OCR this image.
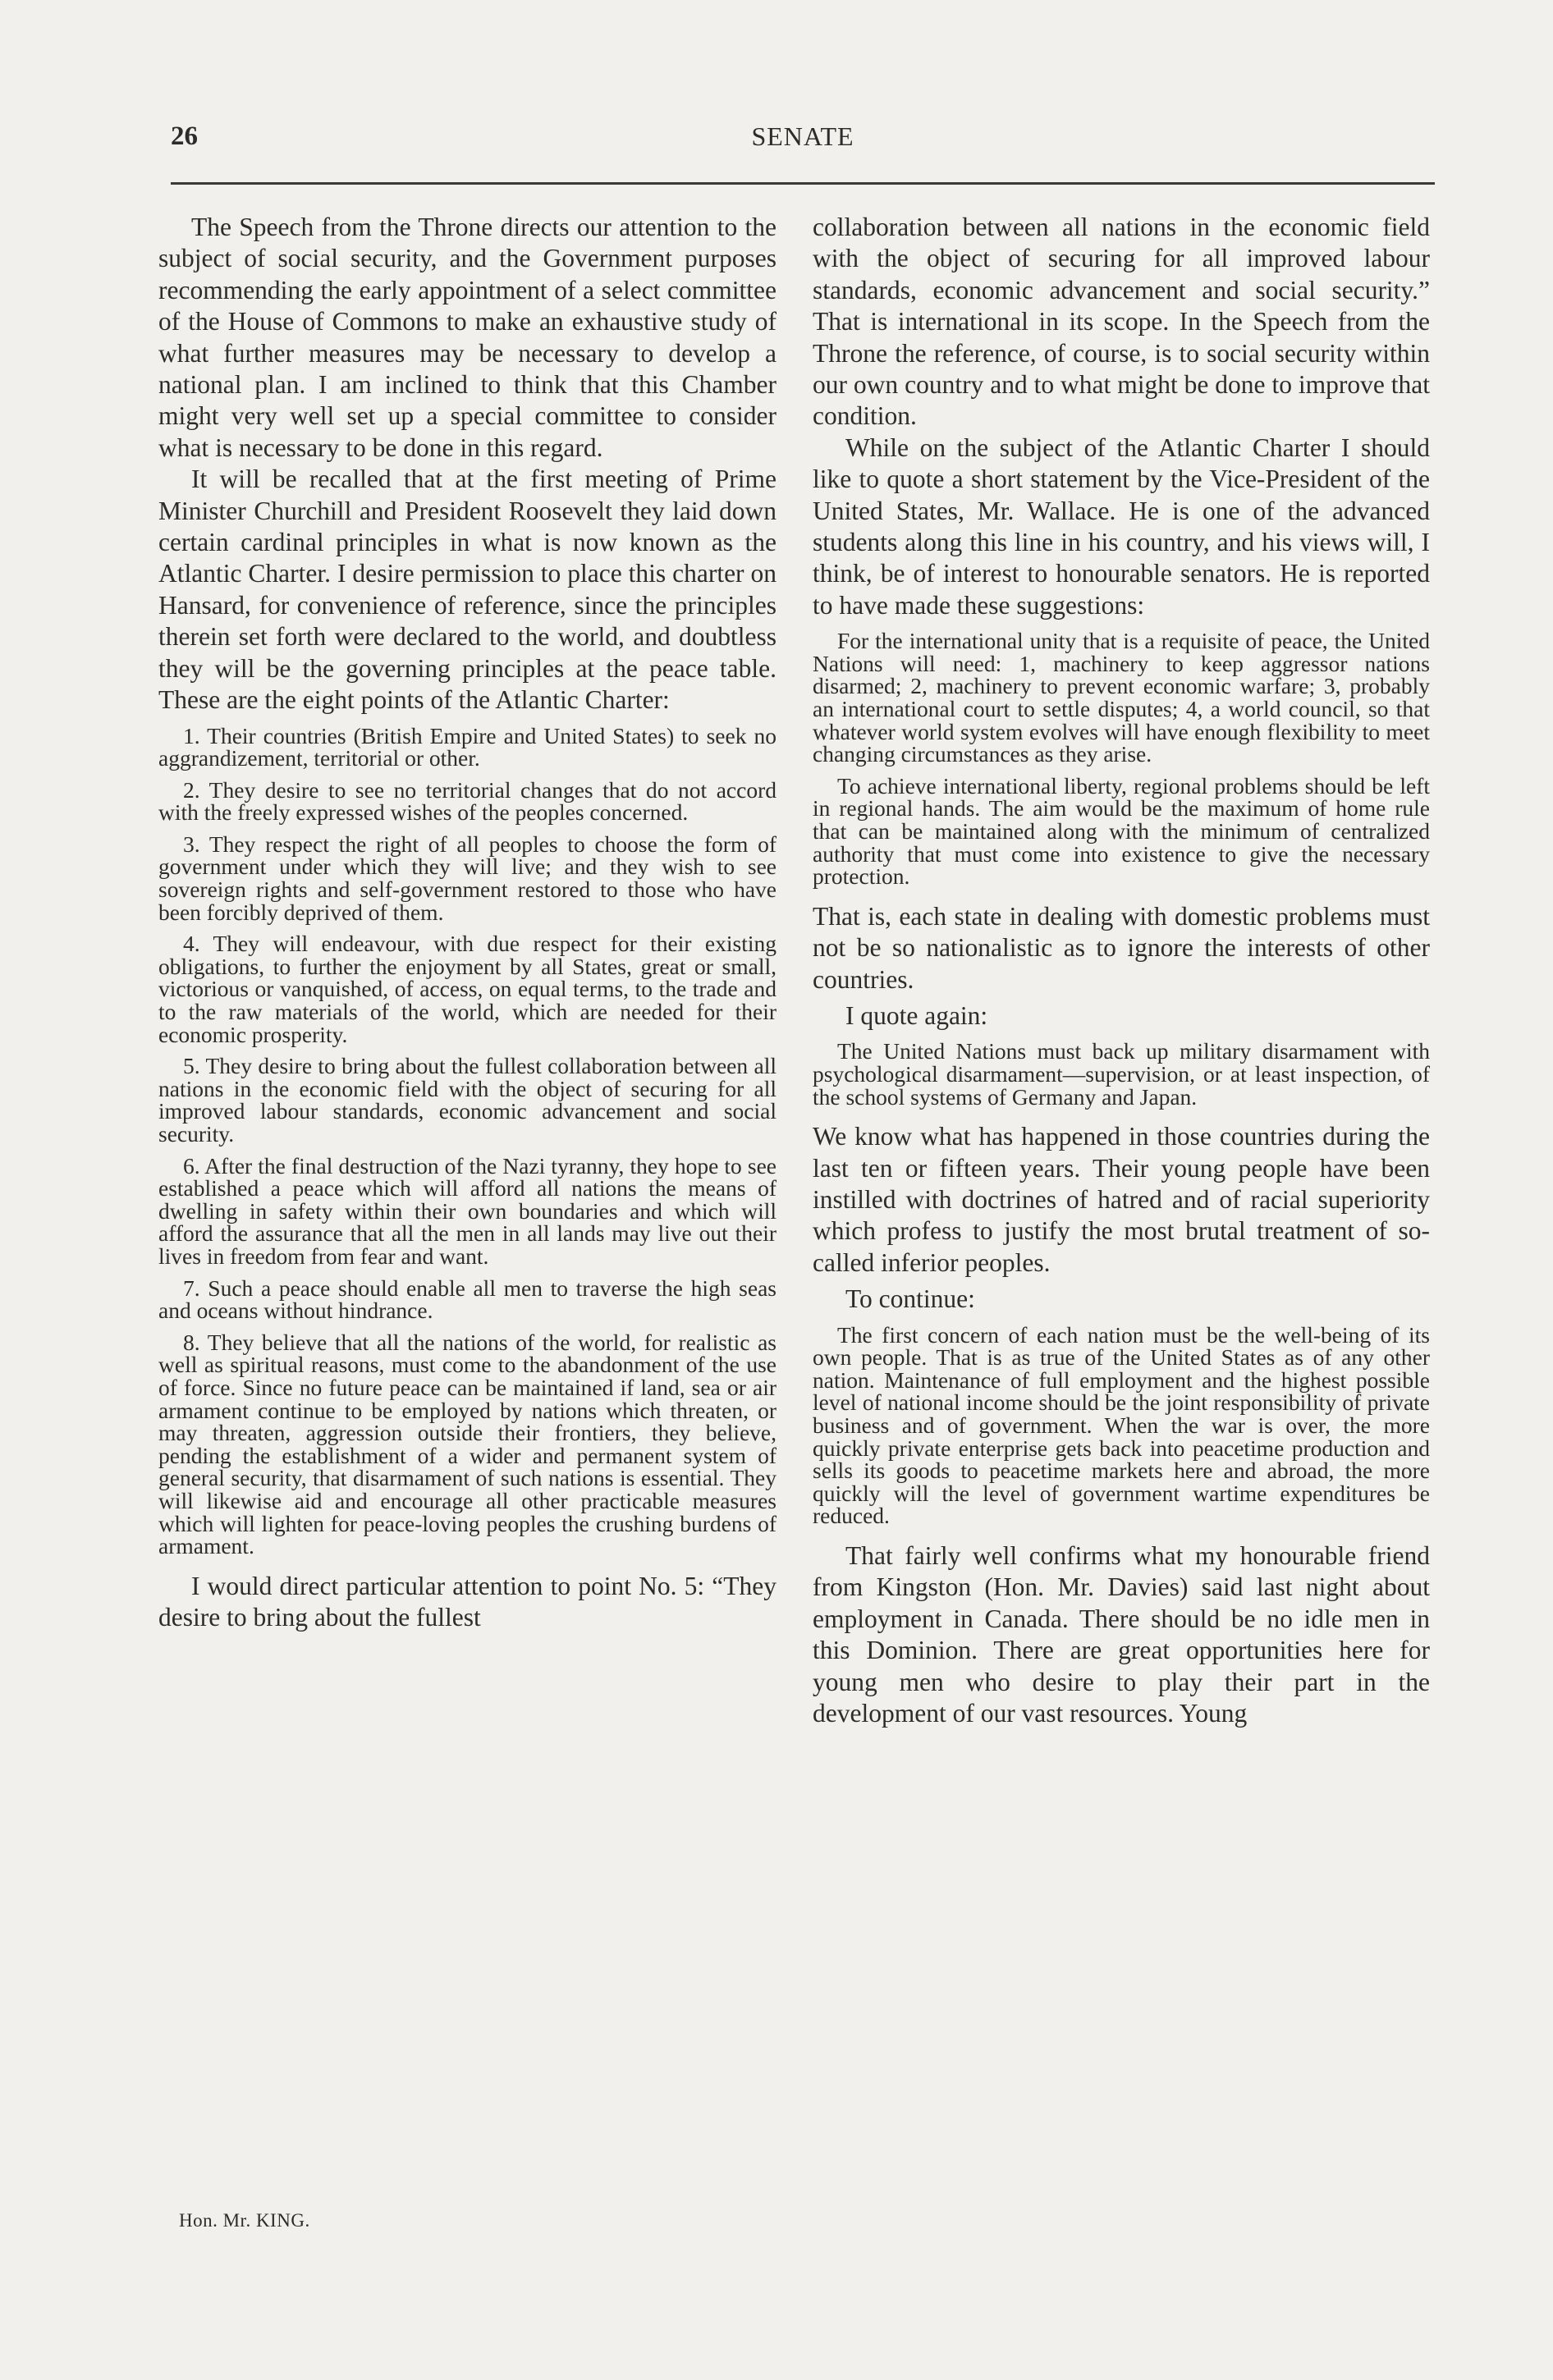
26	SENATE

The Speech from the Throne directs our attention to the subject of social security, and the Government purposes recommending the early appointment of a select committee of the House of Commons to make an exhaustive study of what further measures may be necessary to develop a national plan. I am inclined to think that this Chamber might very well set up a special committee to consider what is necessary to be done in this regard.

It will be recalled that at the first meeting of Prime Minister Churchill and President Roosevelt they laid down certain cardinal principles in what is now known as the Atlantic Charter. I desire permission to place this charter on Hansard, for convenience of reference, since the principles therein set forth were declared to the world, and doubtless they will be the governing principles at the peace table. These are the eight points of the Atlantic Charter:

1. Their countries (British Empire and United States) to seek no aggrandizement, territorial or other.

2. They desire to see no territorial changes that do not accord with the freely expressed wishes of the peoples concerned.

3. They respect the right of all peoples to choose the form of government under which they will live; and they wish to see sovereign rights and self-government restored to those who have been forcibly deprived of them.

4. They will endeavour, with due respect for their existing obligations, to further the enjoyment by all States, great or small, victorious or vanquished, of access, on equal terms, to the trade and to the raw materials of the world, which are needed for their economic prosperity.

5. They desire to bring about the fullest collaboration between all nations in the economic field with the object of securing for all improved labour standards, economic advancement and social security.

6. After the final destruction of the Nazi tyranny, they hope to see established a peace which will afford all nations the means of dwelling in safety within their own boundaries and which will afford the assurance that all the men in all lands may live out their lives in freedom from fear and want.

7. Such a peace should enable all men to traverse the high seas and oceans without hindrance.

8. They believe that all the nations of the world, for realistic as well as spiritual reasons, must come to the abandonment of the use of force. Since no future peace can be maintained if land, sea or air armament continue to be employed by nations which threaten, or may threaten, aggression outside their frontiers, they believe, pending the establishment of a wider and permanent system of general security, that disarmament of such nations is essential. They will likewise aid and encourage all other practicable measures which will lighten for peace-loving peoples the crushing burdens of armament.

I would direct particular attention to point No. 5: “They desire to bring about the fullest

collaboration between all nations in the economic field with the object of securing for all improved labour standards, economic advancement and social security.” That is international in its scope. In the Speech from the Throne the reference, of course, is to social security within our own country and to what might be done to improve that condition.

While on the subject of the Atlantic Charter I should like to quote a short statement by the Vice-President of the United States, Mr. Wallace. He is one of the advanced students along this line in his country, and his views will, I think, be of interest to honourable senators. He is reported to have made these suggestions:

For the international unity that is a requisite of peace, the United Nations will need: 1, machinery to keep aggressor nations disarmed; 2, machinery to prevent economic warfare; 3, probably an international court to settle disputes; 4, a world council, so that whatever world system evolves will have enough flexibility to meet changing circumstances as they arise.

To achieve international liberty, regional problems should be left in regional hands. The aim would be the maximum of home rule that can be maintained along with the minimum of centralized authority that must come into existence to give the necessary protection.

That is, each state in dealing with domestic problems must not be so nationalistic as to ignore the interests of other countries.

I quote again:

The United Nations must back up military disarmament with psychological disarmament—supervision, or at least inspection, of the school systems of Germany and Japan.

We know what has happened in those countries during the last ten or fifteen years. Their young people have been instilled with doctrines of hatred and of racial superiority which profess to justify the most brutal treatment of so-called inferior peoples.

To continue:

The first concern of each nation must be the well-being of its own people. That is as true of the United States as of any other nation. Maintenance of full employment and the highest possible level of national income should be the joint responsibility of private business and of government. When the war is over, the more quickly private enterprise gets back into peacetime production and sells its goods to peacetime markets here and abroad, the more quickly will the level of government wartime expenditures be reduced.

That fairly well confirms what my honourable friend from Kingston (Hon. Mr. Davies) said last night about employment in Canada. There should be no idle men in this Dominion. There are great opportunities here for young men who desire to play their part in the development of our vast resources. Young

Hon. Mr. KING.
